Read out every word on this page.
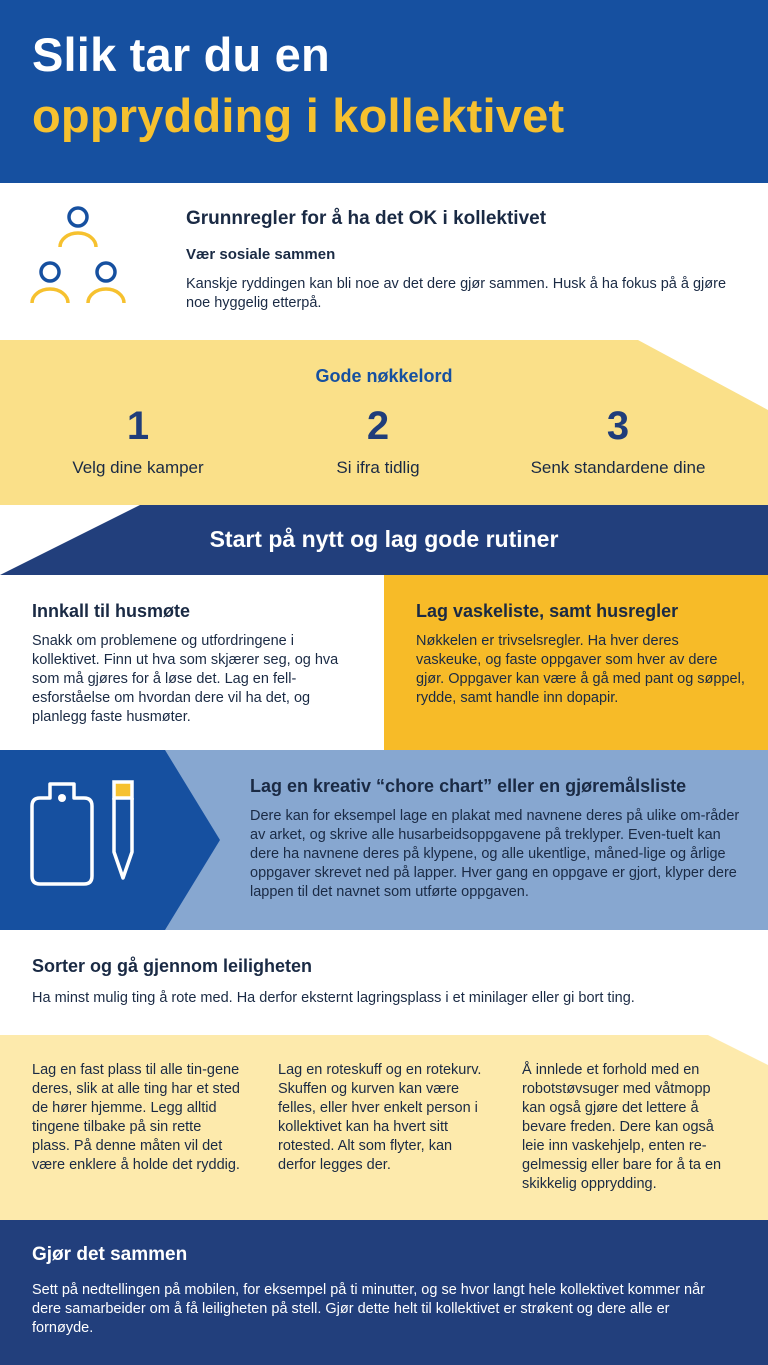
Slik tar du en
opprydding i kollektivet
Grunnregler for å ha det OK i kollektivet
Vær sosiale sammen

Kanskje ryddingen kan bli noe av det dere gjør sammen. Husk å ha fokus på å gjøre noe hyggelig etterpå.

Gode nøkkelord
1
Velg dine kamper
2
Si ifra tidlig
3
Senk standardene dine
Start på nytt og lag gode rutiner
Innkall til husmøte

Snakk om problemene og utfordringene i kollektivet. Finn ut hva som skjærer seg, og hva som må gjøres for å løse det. Lag en fell-esforståelse om hvordan dere vil ha det, og planlegg faste husmøter.

Lag vaskeliste, samt husregler

Nøkkelen er trivselsregler. Ha hver deres vaskeuke, og faste oppgaver som hver av dere gjør. Oppgaver kan være å gå med pant og søppel, rydde, samt handle inn dopapir.

Lag en kreativ “chore chart” eller en gjøremålsliste

Dere kan for eksempel lage en plakat med navnene deres på ulike om-råder av arket, og skrive alle husarbeidsoppgavene på treklyper. Even-tuelt kan dere ha navnene deres på klypene, og alle ukentlige, måned-lige og årlige oppgaver skrevet ned på lapper. Hver gang en oppgave er gjort, klyper dere lappen til det navnet som utførte oppgaven.

Sorter og gå gjennom leiligheten

Ha minst mulig ting å rote med. Ha derfor eksternt lagringsplass i et minilager eller gi bort ting.

Lag en fast plass til alle tin-gene deres, slik at alle ting har et sted de hører hjemme. Legg alltid tingene tilbake på sin rette plass. På denne måten vil det være enklere å holde det ryddig.

Lag en roteskuff og en rotekurv. Skuffen og kurven kan være felles, eller hver enkelt person i kollektivet kan ha hvert sitt rotested. Alt som flyter, kan derfor legges der.

Å innlede et forhold med en robotstøvsuger med våtmopp kan også gjøre det lettere å bevare freden. Dere kan også leie inn vaskehjelp, enten re-gelmessig eller bare for å ta en skikkelig opprydding.

Gjør det sammen

Sett på nedtellingen på mobilen, for eksempel på ti minutter, og se hvor langt hele kollektivet kommer når dere samarbeider om å få leiligheten på stell. Gjør dette helt til kollektivet er strøkent og dere alle er fornøyde.
